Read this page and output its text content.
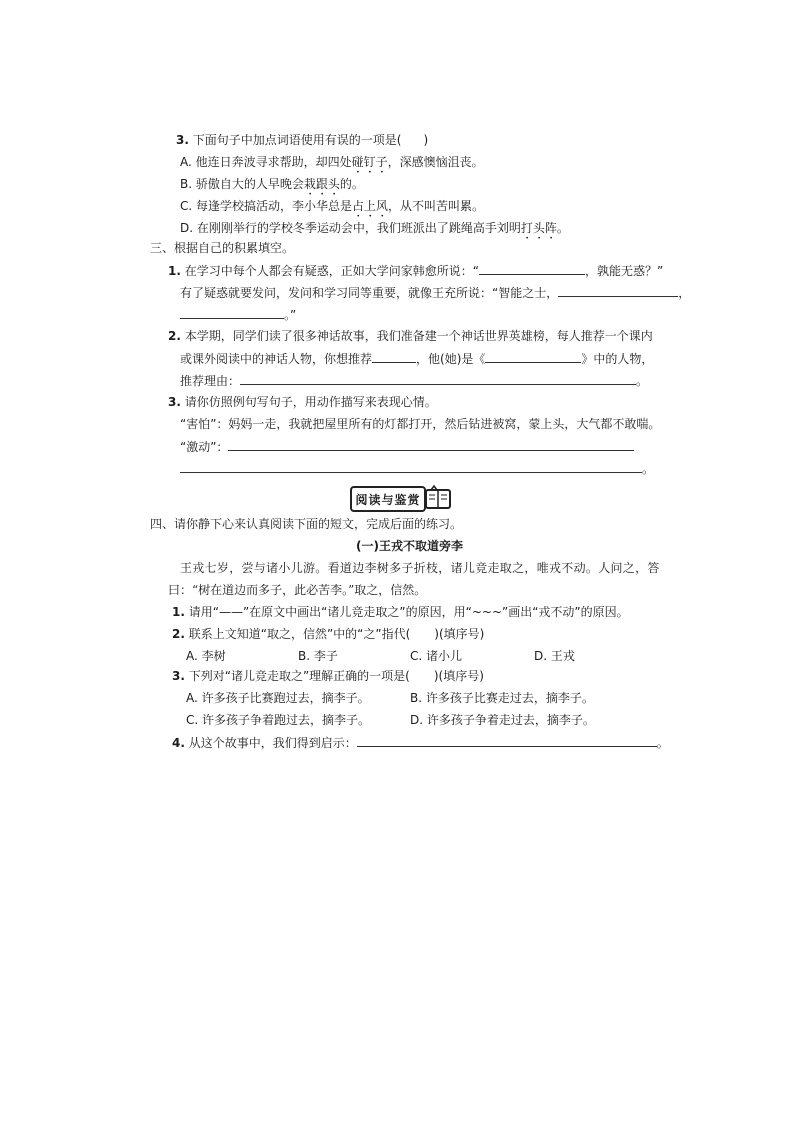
3. 下面句子中加点词语使用有误的一项是( )
A. 他连日奔波寻求帮助，却四处碰钉子，深感懊恼沮丧。
B. 骄傲自大的人早晚会栽跟头的。
C. 每逢学校搞活动，李小华总是占上风，从不叫苦叫累。
D. 在刚刚举行的学校冬季运动会中，我们班派出了跳绳高手刘明打头阵。
三、根据自己的积累填空。
1. 在学习中每个人都会有疑惑，正如大学问家韩愈所说：“	，孰能无惑？”
有了疑惑就要发问，发问和学习同等重要，就像王充所说：“智能之士，	，
。”
2. 本学期，同学们读了很多神话故事，我们准备建一个神话世界英雄榜，每人推荐一个课内
或课外阅读中的神话人物，你想推荐	，他(她)是《	》中的人物，
推荐理由：	。
3. 请你仿照例句写句子，用动作描写来表现心情。
“害怕”：妈妈一走，我就把屋里所有的灯都打开，然后钻进被窝，蒙上头，大气都不敢喘。
“激动”：
。
阅读与鉴赏
四、请你静下心来认真阅读下面的短文，完成后面的练习。
(一)王戎不取道旁李
王戎七岁，尝与诸小儿游。看道边李树多子折枝，诸儿竞走取之，唯戎不动。人问之，答
曰：“树在道边而多子，此必苦李。”取之，信然。
1. 请用“——”在原文中画出“诸儿竞走取之”的原因，用“~~~”画出“戎不动”的原因。
2. 联系上文知道“取之，信然”中的“之”指代(　　)(填序号)
A. 李树	B. 李子	C. 诸小儿	D. 王戎
3. 下列对“诸儿竞走取之”理解正确的一项是(　　)(填序号)
A. 许多孩子比赛跑过去，摘李子。	B. 许多孩子比赛走过去，摘李子。
C. 许多孩子争着跑过去，摘李子。	D. 许多孩子争着走过去，摘李子。
4. 从这个故事中，我们得到启示：	。
